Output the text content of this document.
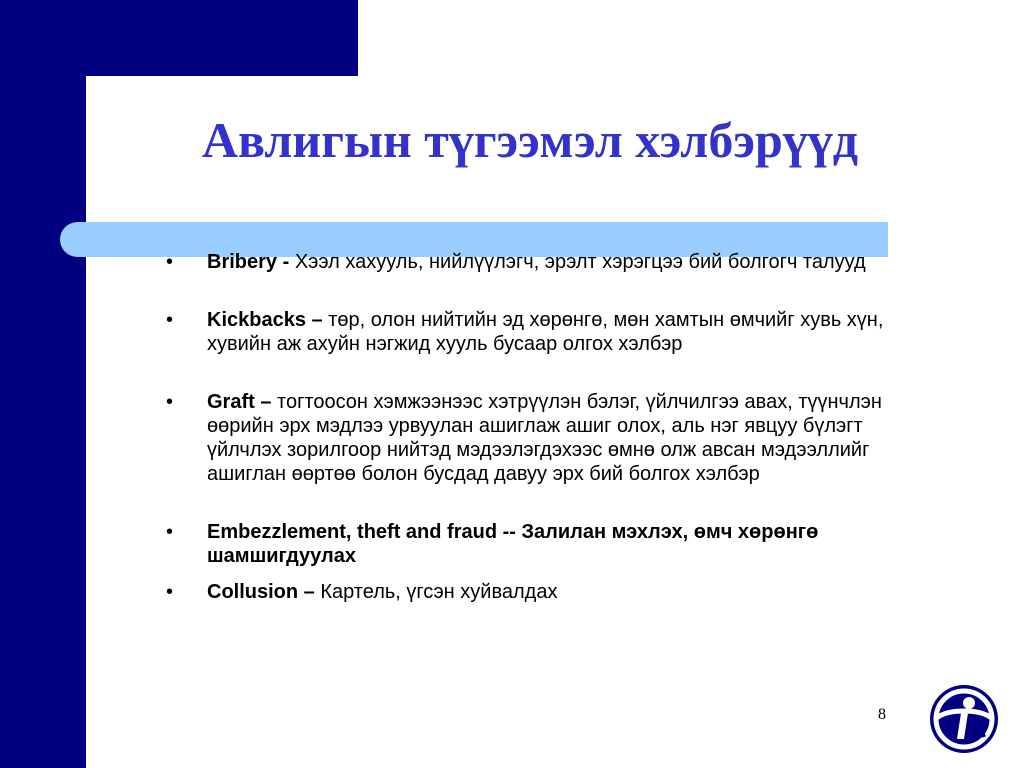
Авлигын түгээмэл хэлбэрүүд
• Bribery - Хээл хахууль, нийлүүлэгч, эрэлт хэрэгцээ бий болгогч талууд
• Kickbacks – төр, олон нийтийн эд хөрөнгө, мөн хамтын өмчийг хувь хүн, хувийн аж ахуйн нэгжид хууль бусаар олгох хэлбэр
• Graft – тогтоосон хэмжээнээс хэтрүүлэн бэлэг, үйлчилгээ авах, түүнчлэн өөрийн эрх мэдлээ урвуулан ашиглаж ашиг олох, аль нэг явцуу бүлэгт үйлчлэх зорилгоор нийтэд мэдээлэгдэхээс өмнө олж авсан мэдээллийг ашиглан өөртөө болон бусдад давуу эрх бий болгох хэлбэр
• Embezzlement, theft and fraud -- Залилан мэхлэх, өмч хөрөнгө шамшигдуулах
• Collusion – Картель, үгсэн хуйвалдах
8
